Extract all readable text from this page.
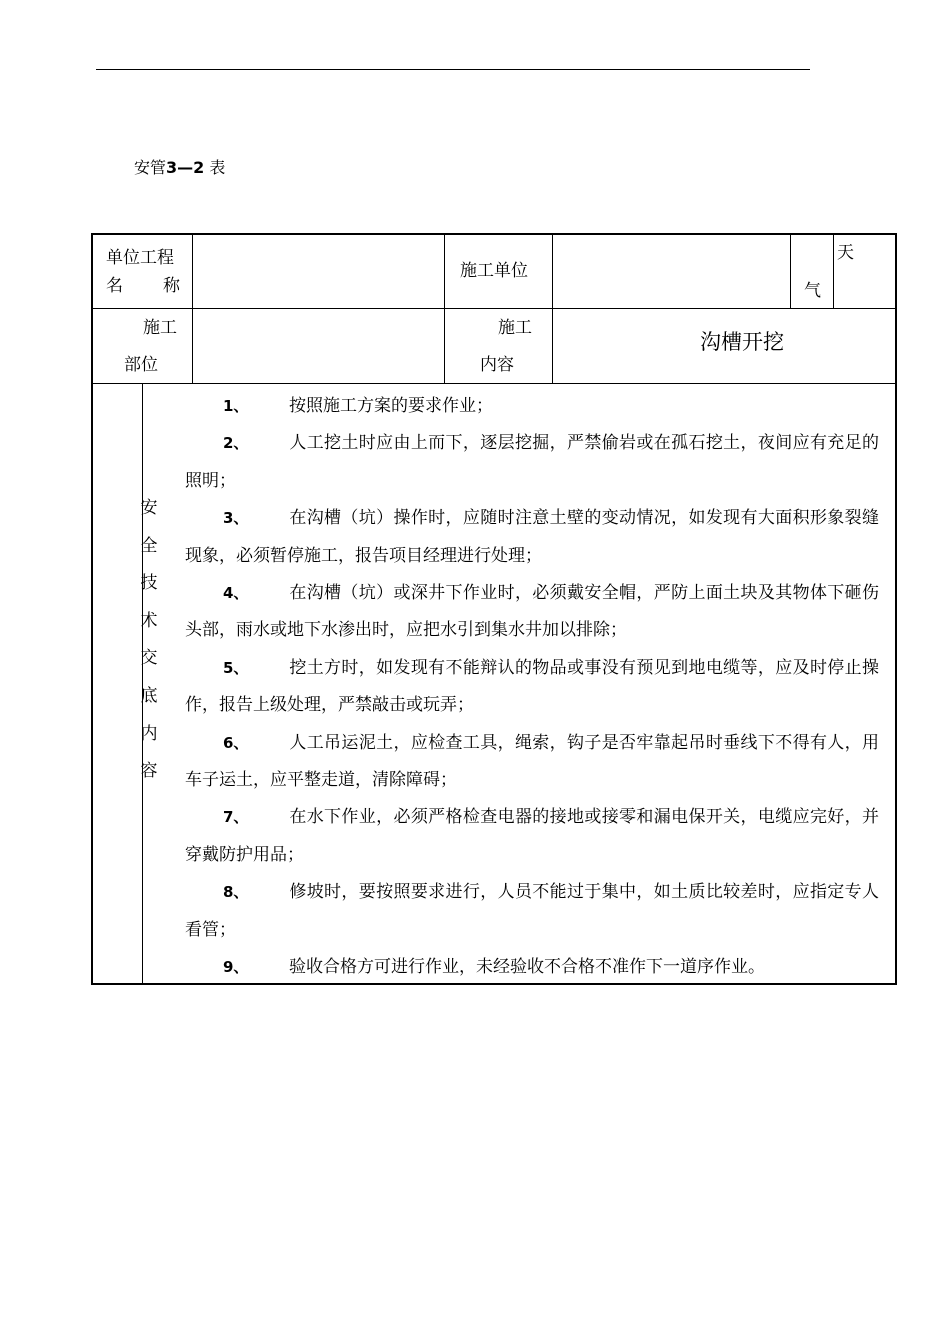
安管3—2 表
单位工程
名 称
施工单位
天
气
施工
部位
施工
内容
沟槽开挖
安
全
技
术
交
底
内
容

1、 按照施工方案的要求作业；

2、 人工挖土时应由上而下，逐层挖掘，严禁偷岩或在孤石挖土，夜间应有充足的照明；

3、 在沟槽（坑）操作时，应随时注意土壁的变动情况，如发现有大面积形象裂缝现象，必须暂停施工，报告项目经理进行处理；

4、 在沟槽（坑）或深井下作业时，必须戴安全帽，严防上面土块及其物体下砸伤头部，雨水或地下水渗出时，应把水引到集水井加以排除；

5、 挖土方时，如发现有不能辩认的物品或事没有预见到地电缆等，应及时停止操作，报告上级处理，严禁敲击或玩弄；

6、 人工吊运泥土，应检查工具，绳索，钩子是否牢靠起吊时垂线下不得有人，用车子运土，应平整走道，清除障碍；

7、 在水下作业，必须严格检查电器的接地或接零和漏电保开关，电缆应完好，并穿戴防护用品；

8、 修坡时，要按照要求进行，人员不能过于集中，如土质比较差时，应指定专人看管；

9、 验收合格方可进行作业，未经验收不合格不准作下一道序作业。
